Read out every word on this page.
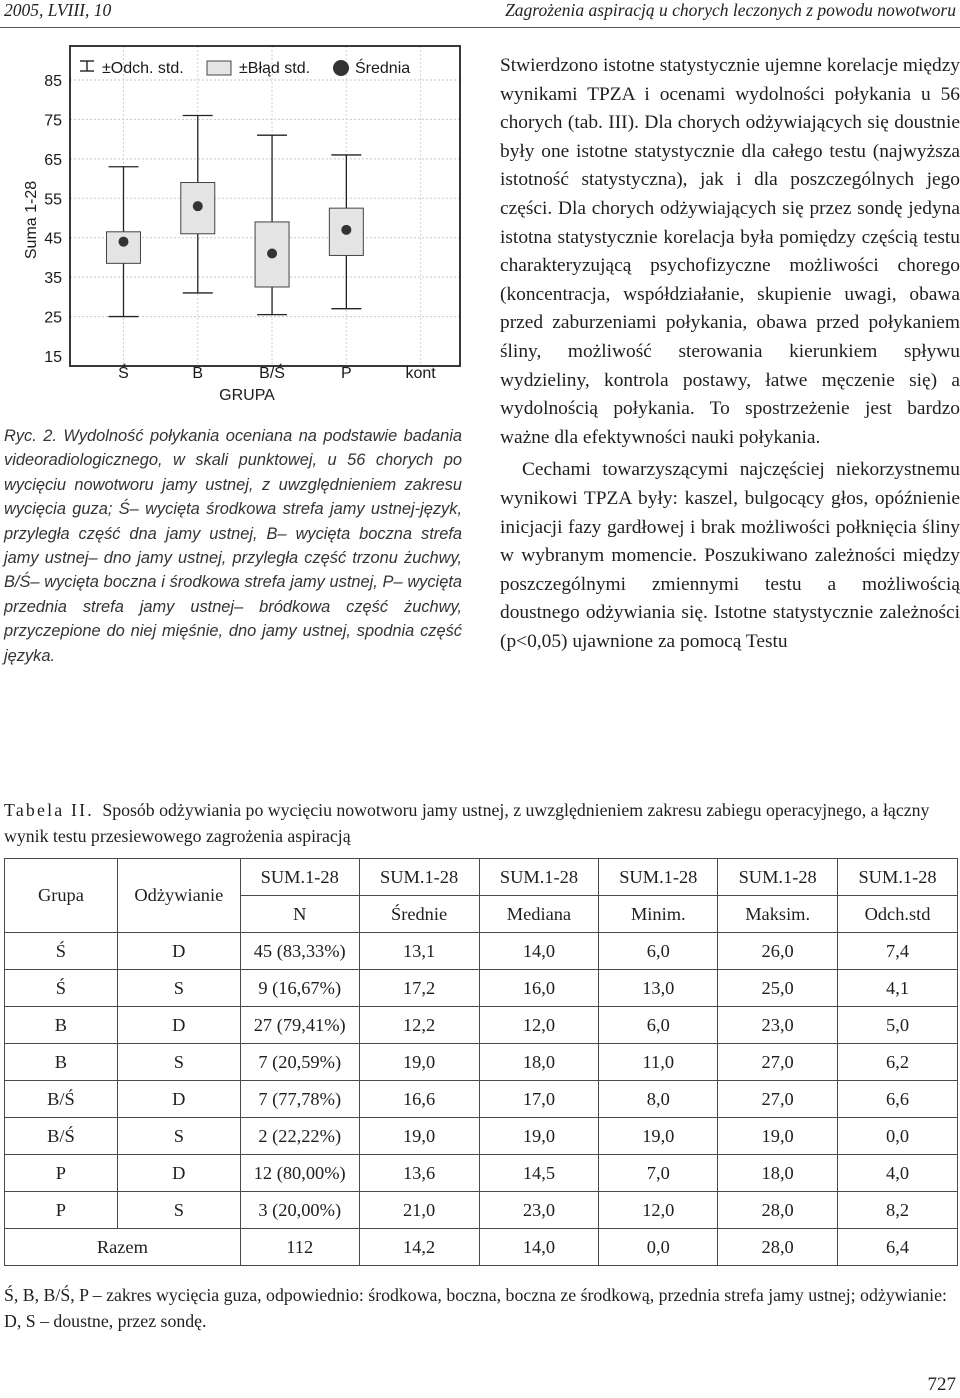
2005, LVIII, 10	Zagrożenia aspiracją u chorych leczonych z powodu nowotworu
±Odch. std.	±Błąd std.	Średnia
85
75
65
55
45
35
25
15
Suma 1-28
Ś	B	B/Ś	P	kont
GRUPA

Ryc. 2. Wydolność połykania oceniana na podstawie badania videoradiologicznego, w skali punktowej, u 56 chorych po wycięciu nowotworu jamy ustnej, z uwzględnieniem zakresu wycięcia guza; Ś– wycięta środkowa strefa jamy ustnej-język, przyległa część dna jamy ustnej, B– wycięta boczna strefa jamy ustnej– dno jamy ustnej, przyległa część trzonu żuchwy, B/Ś– wycięta boczna i środkowa strefa jamy ustnej, P– wycięta przednia strefa jamy ustnej– bródkowa część żuchwy, przyczepione do niej mięśnie, dno jamy ustnej, spodnia część języka.

Stwierdzono istotne statystycznie ujemne korelacje między wynikami TPZA i ocenami wydolności połykania u 56 chorych (tab. III). Dla chorych odżywiających się doustnie były one istotne statystycznie dla całego testu (najwyższa istotność statystyczna), jak i dla poszczególnych jego części. Dla chorych odżywiających się przez sondę jedyna istotna statystycznie korelacja była pomiędzy częścią testu charakteryzującą psychofizyczne możliwości chorego (koncentracja, współdziałanie, skupienie uwagi, obawa przed zaburzeniami połykania, obawa przed połykaniem śliny, możliwość sterowania kierunkiem spływu wydzieliny, kontrola postawy, łatwe męczenie się) a wydolnością połykania. To spostrzeżenie jest bardzo ważne dla efektywności nauki połykania.

Cechami towarzyszącymi najczęściej niekorzystnemu wynikowi TPZA były: kaszel, bulgocący głos, opóźnienie inicjacji fazy gardłowej i brak możliwości połknięcia śliny w wybranym momencie. Poszukiwano zależności między poszczególnymi zmiennymi testu a możliwością doustnego odżywiania się. Istotne statystycznie zależności (p<0,05) ujawnione za pomocą Testu

Tabela II. Sposób odżywiania po wycięciu nowotworu jamy ustnej, z uwzględnieniem zakresu zabiegu operacyjnego, a łączny wynik testu przesiewowego zagrożenia aspiracją

Grupa	Odżywianie	SUM.1-28	SUM.1-28	SUM.1-28	SUM.1-28	SUM.1-28	SUM.1-28
		N	Średnie	Mediana	Minim.	Maksim.	Odch.std
Ś	D	45 (83,33%)	13,1	14,0	6,0	26,0	7,4
Ś	S	9 (16,67%)	17,2	16,0	13,0	25,0	4,1
B	D	27 (79,41%)	12,2	12,0	6,0	23,0	5,0
B	S	7 (20,59%)	19,0	18,0	11,0	27,0	6,2
B/Ś	D	7 (77,78%)	16,6	17,0	8,0	27,0	6,6
B/Ś	S	2 (22,22%)	19,0	19,0	19,0	19,0	0,0
P	D	12 (80,00%)	13,6	14,5	7,0	18,0	4,0
P	S	3 (20,00%)	21,0	23,0	12,0	28,0	8,2
Razem		112	14,2	14,0	0,0	28,0	6,4

Ś, B, B/Ś, P – zakres wycięcia guza, odpowiednio: środkowa, boczna, boczna ze środkową, przednia strefa jamy ustnej; odżywianie: D, S – doustne, przez sondę.

727
